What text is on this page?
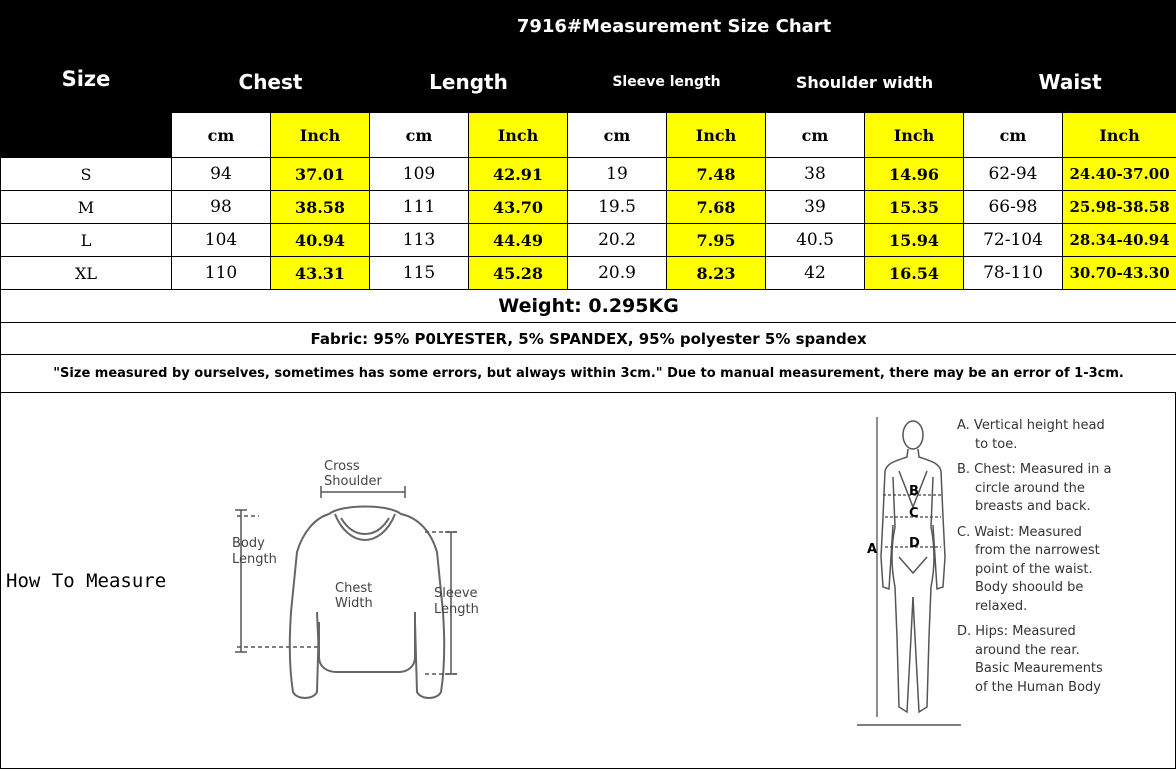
Size	7916#Measurement Size Chart									
	Chest		Length		Sleeve length		Shoulder width		Waist	
	cm	Inch	cm	Inch	cm	Inch	cm	Inch	cm	Inch
S	94	37.01	109	42.91	19	7.48	38	14.96	62-94	24.40-37.00
M	98	38.58	111	43.70	19.5	7.68	39	15.35	66-98	25.98-38.58
L	104	40.94	113	44.49	20.2	7.95	40.5	15.94	72-104	28.34-40.94
XL	110	43.31	115	45.28	20.9	8.23	42	16.54	78-110	30.70-43.30
Weight: 0.295KG										
Fabric: 95% P0LYESTER, 5% SPANDEX, 95% polyester 5% spandex										
"Size measured by ourselves, sometimes has some errors, but always within 3cm." Due to manual measurement, there may be an error of 1-3cm.										
How To Measure
Cross
Shoulder
Body
Length
Chest
Width
Sleeve
Length
A
B
C
D

A. Vertical height head
to toe.

B. Chest: Measured in a
circle around the
breasts and back.

C. Waist: Measured
from the narrowest
point of the waist.
Body shoould be
relaxed.

D. Hips: Measured
around the rear.
Basic Meaurements
of the Human Body
